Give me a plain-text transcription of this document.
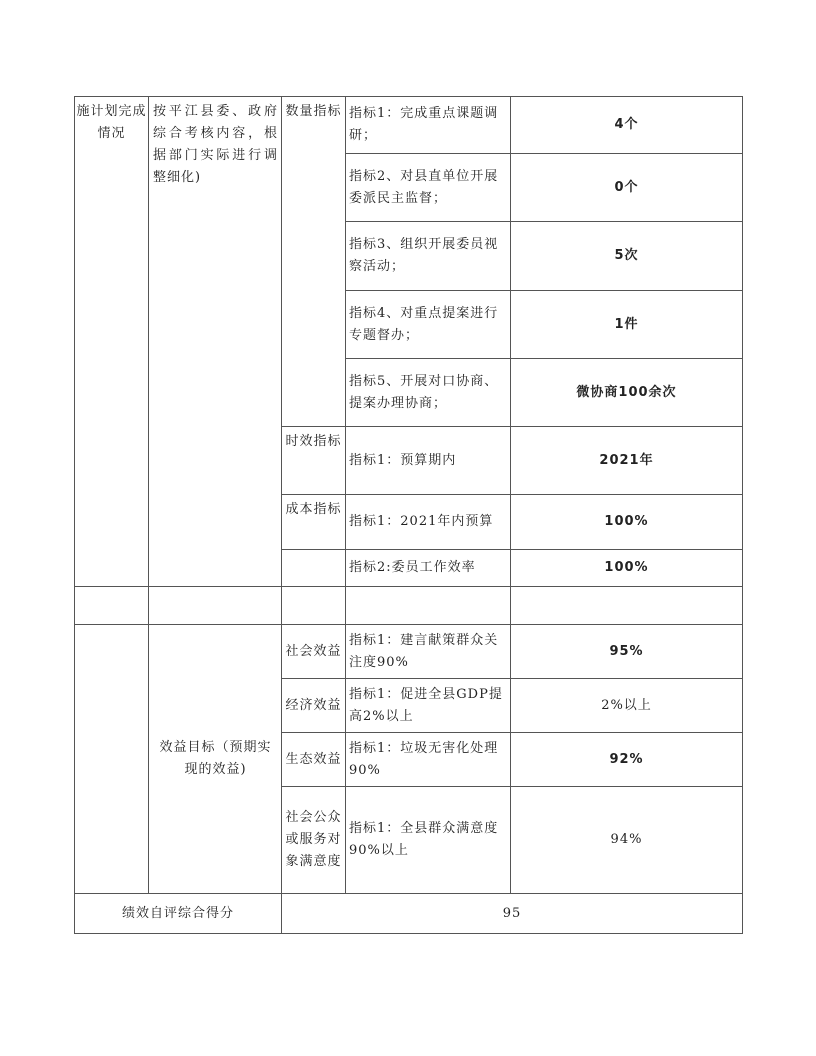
施计划完成情况	按平江县委、政府综合考核内容，根据部门实际进行调整细化)	数量指标	指标1：完成重点课题调研；	4个
			指标2、对县直单位开展委派民主监督；	0个
			指标3、组织开展委员视察活动；	5次
			指标4、对重点提案进行专题督办；	1件
			指标5、开展对口协商、提案办理协商；	微协商100余次
		时效指标	指标1：预算期内	2021年
		成本指标	指标1：2021年内预算	100%
			指标2:委员工作效率	100%

	效益目标（预期实现的效益)	社会效益	指标1：建言献策群众关注度90%	95%
		经济效益	指标1：促进全县GDP提高2%以上	2%以上
		生态效益	指标1：垃圾无害化处理90%	92%
		社会公众或服务对象满意度	指标1：全县群众满意度90%以上	94%
绩效自评综合得分		95		
